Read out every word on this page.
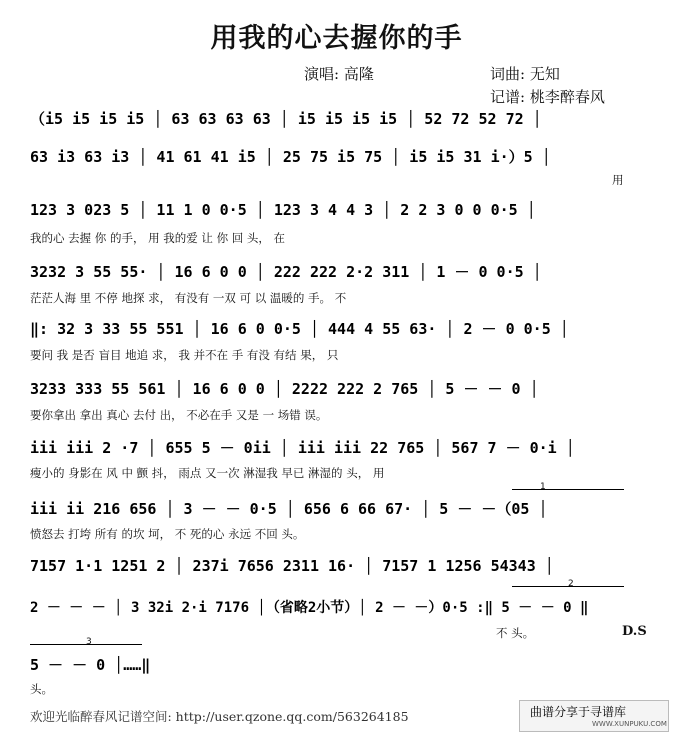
用我的心去握你的手
演唱: 高隆	词曲: 无知
记谱: 桃李醉春风
（i5 i5 i5 i5 │ 63 63 63 63 │ i5 i5 i5 i5 │ 52 72 52 72 │
63 i3 63 i3 │ 41 61 41 i5 │ 25 75 i5 75 │ i5 i5 31 i·）5 │
用
123 3 023 5 │ 11 1 0 0·5 │ 123 3 4 4 3 │ 2 2 3 0 0 0·5 │
我的心 去握 你 的手， 用 我的爱 让 你 回 头， 在
3232 3 55 55· │ 16 6 0 0 │ 222 222 2·2 311 │ 1 － 0 0·5 │
茫茫人海 里 不停 地探 求， 有没有 一双 可 以 温暖的 手。 不
‖: 32 3 33 55 551 │ 16 6 0 0·5 │ 444 4 55 63· │ 2 － 0 0·5 │
要问 我 是否 盲目 地追 求， 我 并不在 手 有没 有结 果， 只
3233 333 55 561 │ 16 6 0 0 │ 2222 222 2 765 │ 5 － － 0 │
要你拿出 拿出 真心 去付 出， 不必在手 又是 一 场错 误。
iii iii 2 ·7 │ 655 5 － 0ii │ iii iii 22 765 │ 567 7 － 0·i │
瘦小的 身影在 风 中 颤 抖， 雨点 又一次 淋湿我 早已 淋湿的 头， 用
1
iii ii 216 656 │ 3 － － 0·5 │ 656 6 66 67· │ 5 － －（05 │
愤怒去 打垮 所有 的坎 坷， 不 死的心 永远 不回 头。
7157 1·1 1251 2 │ 237i 7656 2311 16· │ 7157 1 1256 54343 │
2
2 － － － │ 3 32i 2·i 7176 │（省略2小节）│ 2 － －）0·5 :‖ 5 － － 0 ‖
不 头。	D.S
3
5 － － 0 │……‖
头。
欢迎光临醉春风记谱空间: http://user.qzone.qq.com/563264185	曲谱分享于寻谱库
WWW.XUNPUKU.COM
